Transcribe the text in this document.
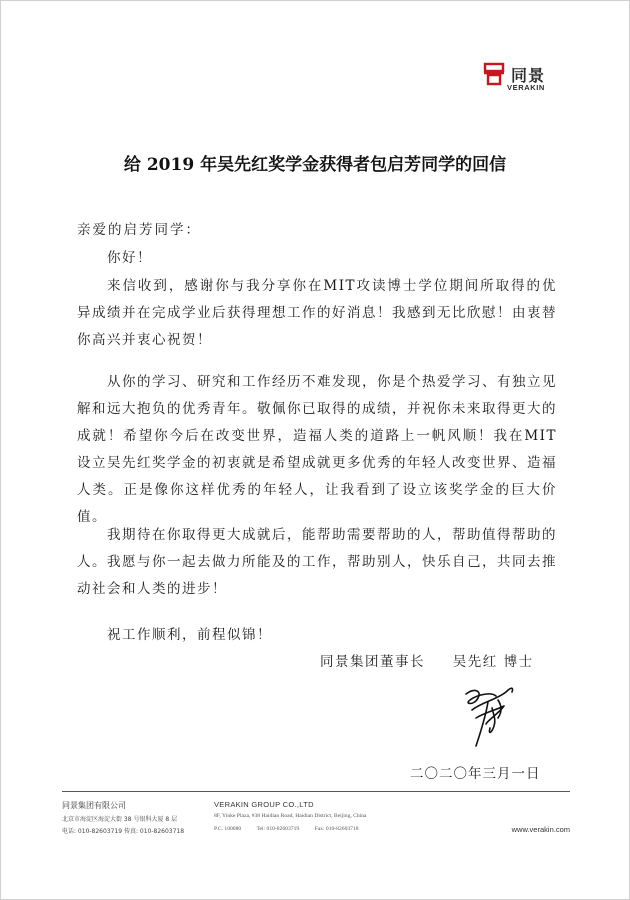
同景
VERAKIN
给 2019 年吴先红奖学金获得者包启芳同学的回信
亲爱的启芳同学：
你好！
来信收到，感谢你与我分享你在MIT攻读博士学位期间所取得的优异成绩并在完成学业后获得理想工作的好消息！我感到无比欣慰！由衷替你高兴并衷心祝贺！
从你的学习、研究和工作经历不难发现，你是个热爱学习、有独立见解和远大抱负的优秀青年。敬佩你已取得的成绩，并祝你未来取得更大的成就！希望你今后在改变世界，造福人类的道路上一帆风顺！我在MIT设立吴先红奖学金的初衷就是希望成就更多优秀的年轻人改变世界、造福人类。正是像你这样优秀的年轻人，让我看到了设立该奖学金的巨大价值。
我期待在你取得更大成就后，能帮助需要帮助的人，帮助值得帮助的人。我愿与你一起去做力所能及的工作，帮助别人，快乐自己，共同去推动社会和人类的进步！
祝工作顺利，前程似锦！
同景集团董事长 吴先红 博士
二〇二〇年三月一日
同景集团有限公司
北京市海淀区海淀大街 38 号银科大厦 8 层
电话: 010-82603719 传真: 010-82603718
VERAKIN GROUP CO.,LTD
8F, Yinke Plaza, #38 Haidian Road, Haidian District, Beijing, China
P.C. 100080	Tel: 010-82603719	Fax: 010-82603718	www.verakin.com
